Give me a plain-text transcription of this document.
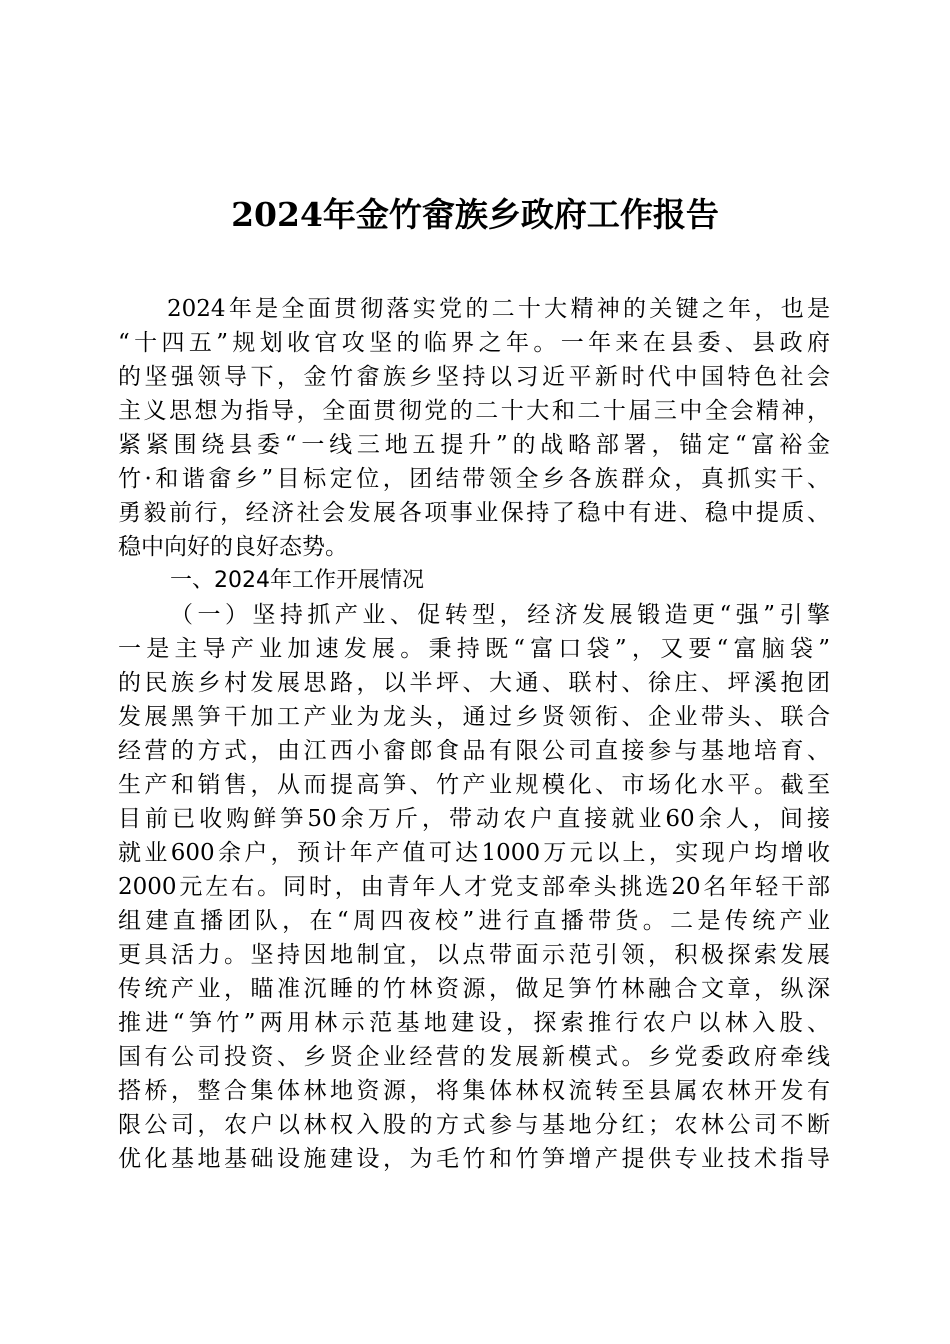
2024年金竹畲族乡政府工作报告
2024年是全面贯彻落实党的二十大精神的关键之年，也是
“十四五”规划收官攻坚的临界之年。一年来在县委、县政府
的坚强领导下，金竹畲族乡坚持以习近平新时代中国特色社会
主义思想为指导，全面贯彻党的二十大和二十届三中全会精神，
紧紧围绕县委“一线三地五提升”的战略部署，锚定“富裕金
竹·和谐畲乡”目标定位，团结带领全乡各族群众，真抓实干、
勇毅前行，经济社会发展各项事业保持了稳中有进、稳中提质、
稳中向好的良好态势。
一、2024年工作开展情况
（一）坚持抓产业、促转型，经济发展锻造更“强”引擎
一是主导产业加速发展。秉持既“富口袋”，又要“富脑袋”
的民族乡村发展思路，以半坪、大通、联村、徐庄、坪溪抱团
发展黑笋干加工产业为龙头，通过乡贤领衔、企业带头、联合
经营的方式，由江西小畲郎食品有限公司直接参与基地培育、
生产和销售，从而提高笋、竹产业规模化、市场化水平。截至
目前已收购鲜笋50余万斤，带动农户直接就业60余人，间接
就业600余户，预计年产值可达1000万元以上，实现户均增收
2000元左右。同时，由青年人才党支部牵头挑选20名年轻干部
组建直播团队，在“周四夜校”进行直播带货。二是传统产业
更具活力。坚持因地制宜，以点带面示范引领，积极探索发展
传统产业，瞄准沉睡的竹林资源，做足笋竹林融合文章，纵深
推进“笋竹”两用林示范基地建设，探索推行农户以林入股、
国有公司投资、乡贤企业经营的发展新模式。乡党委政府牵线
搭桥，整合集体林地资源，将集体林权流转至县属农林开发有
限公司，农户以林权入股的方式参与基地分红；农林公司不断
优化基地基础设施建设，为毛竹和竹笋增产提供专业技术指导
